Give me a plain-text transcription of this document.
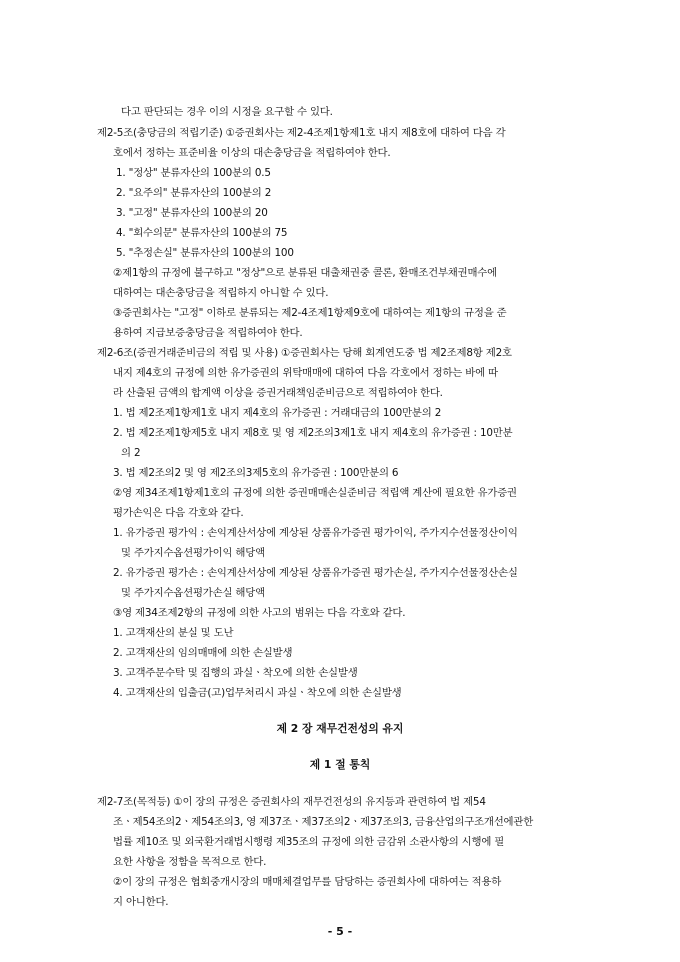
다고 판단되는 경우 이의 시정을 요구할 수 있다.
제2-5조(충당금의 적립기준) ①증권회사는 제2-4조제1항제1호 내지 제8호에 대하여 다음 각
호에서 정하는 표준비율 이상의 대손충당금을 적립하여야 한다.
1. "정상" 분류자산의 100분의 0.5
2. "요주의" 분류자산의 100분의 2
3. "고정" 분류자산의 100분의 20
4. "회수의문" 분류자산의 100분의 75
5. "추정손실" 분류자산의 100분의 100
②제1항의 규정에 불구하고 "정상"으로 분류된 대출채권중 콜론, 환매조건부채권매수에
대하여는 대손충당금을 적립하지 아니할 수 있다.
③증권회사는 "고정" 이하로 분류되는 제2-4조제1항제9호에 대하여는 제1항의 규정을 준
용하여 지급보증충당금을 적립하여야 한다.
제2-6조(증권거래준비금의 적립 및 사용) ①증권회사는 당해 회계연도중 법 제2조제8항 제2호
내지 제4호의 규정에 의한 유가증권의 위탁매매에 대하여 다음 각호에서 정하는 바에 따
라 산출된 금액의 합계액 이상을 증권거래책임준비금으로 적립하여야 한다.
1. 법 제2조제1항제1호 내지 제4호의 유가증권 : 거래대금의 100만분의 2
2. 법 제2조제1항제5호 내지 제8호 및 영 제2조의3제1호 내지 제4호의 유가증권 : 10만분
의 2
3. 법 제2조의2 및 영 제2조의3제5호의 유가증권 : 100만분의 6
②영 제34조제1항제1호의 규정에 의한 증권매매손실준비금 적립액 계산에 필요한 유가증권
평가손익은 다음 각호와 같다.
1. 유가증권 평가익 : 손익계산서상에 계상된 상품유가증권 평가이익, 주가지수선물정산이익
및 주가지수옵션평가이익 해당액
2. 유가증권 평가손 : 손익계산서상에 계상된 상품유가증권 평가손실, 주가지수선물정산손실
및 주가지수옵션평가손실 해당액
③영 제34조제2항의 규정에 의한 사고의 범위는 다음 각호와 같다.
1. 고객재산의 분실 및 도난
2. 고객재산의 임의매매에 의한 손실발생
3. 고객주문수탁 및 집행의 과실ㆍ착오에 의한 손실발생
4. 고객재산의 입출금(고)업무처리시 과실ㆍ착오에 의한 손실발생
제 2 장 재무건전성의 유지
제 1 절 통칙
제2-7조(목적등) ①이 장의 규정은 증권회사의 재무건전성의 유지등과 관련하여 법 제54
조ㆍ제54조의2ㆍ제54조의3, 영 제37조ㆍ제37조의2ㆍ제37조의3, 금융산업의구조개선에관한
법률 제10조 및 외국환거래법시행령 제35조의 규정에 의한 금감위 소관사항의 시행에 필
요한 사항을 정함을 목적으로 한다.
②이 장의 규정은 협회중개시장의 매매체결업무를 담당하는 증권회사에 대하여는 적용하
지 아니한다.
- 5 -
